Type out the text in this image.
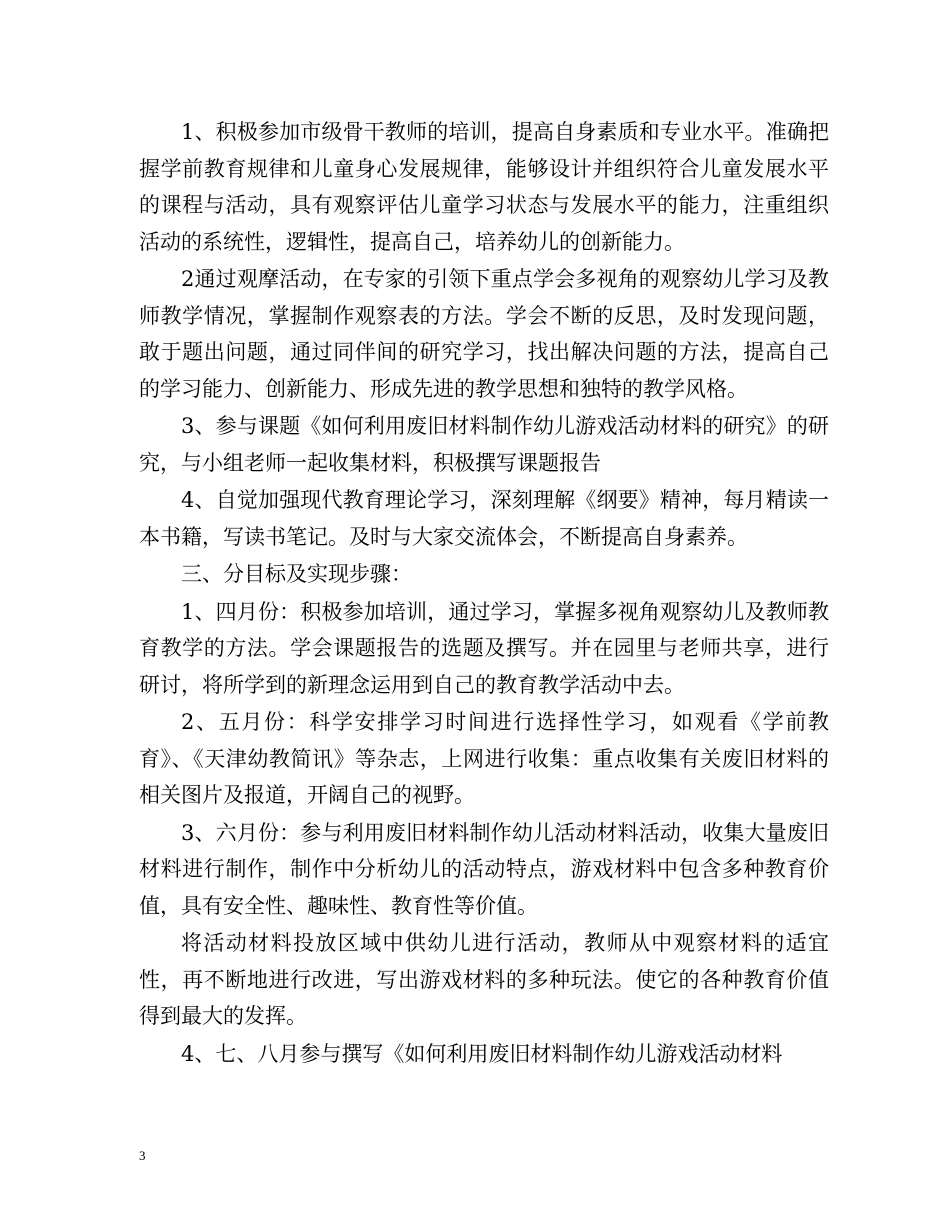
1、积极参加市级骨干教师的培训，提高自身素质和专业水平。准确把握学前教育规律和儿童身心发展规律，能够设计并组织符合儿童发展水平的课程与活动，具有观察评估儿童学习状态与发展水平的能力，注重组织活动的系统性，逻辑性，提高自己，培养幼儿的创新能力。

2通过观摩活动，在专家的引领下重点学会多视角的观察幼儿学习及教师教学情况，掌握制作观察表的方法。学会不断的反思，及时发现问题，敢于题出问题，通过同伴间的研究学习，找出解决问题的方法，提高自己的学习能力、创新能力、形成先进的教学思想和独特的教学风格。

3、参与课题《如何利用废旧材料制作幼儿游戏活动材料的研究》的研究，与小组老师一起收集材料，积极撰写课题报告

4、自觉加强现代教育理论学习，深刻理解《纲要》精神，每月精读一本书籍，写读书笔记。及时与大家交流体会，不断提高自身素养。

三、分目标及实现步骤：

1、四月份：积极参加培训，通过学习，掌握多视角观察幼儿及教师教育教学的方法。学会课题报告的选题及撰写。并在园里与老师共享，进行研讨，将所学到的新理念运用到自己的教育教学活动中去。

2、五月份：科学安排学习时间进行选择性学习，如观看《学前教育》、《天津幼教简讯》等杂志，上网进行收集：重点收集有关废旧材料的相关图片及报道，开阔自己的视野。

3、六月份：参与利用废旧材料制作幼儿活动材料活动，收集大量废旧材料进行制作，制作中分析幼儿的活动特点，游戏材料中包含多种教育价值，具有安全性、趣味性、教育性等价值。

将活动材料投放区域中供幼儿进行活动，教师从中观察材料的适宜性，再不断地进行改进，写出游戏材料的多种玩法。使它的各种教育价值得到最大的发挥。

4、七、八月参与撰写《如何利用废旧材料制作幼儿游戏活动材料

3
